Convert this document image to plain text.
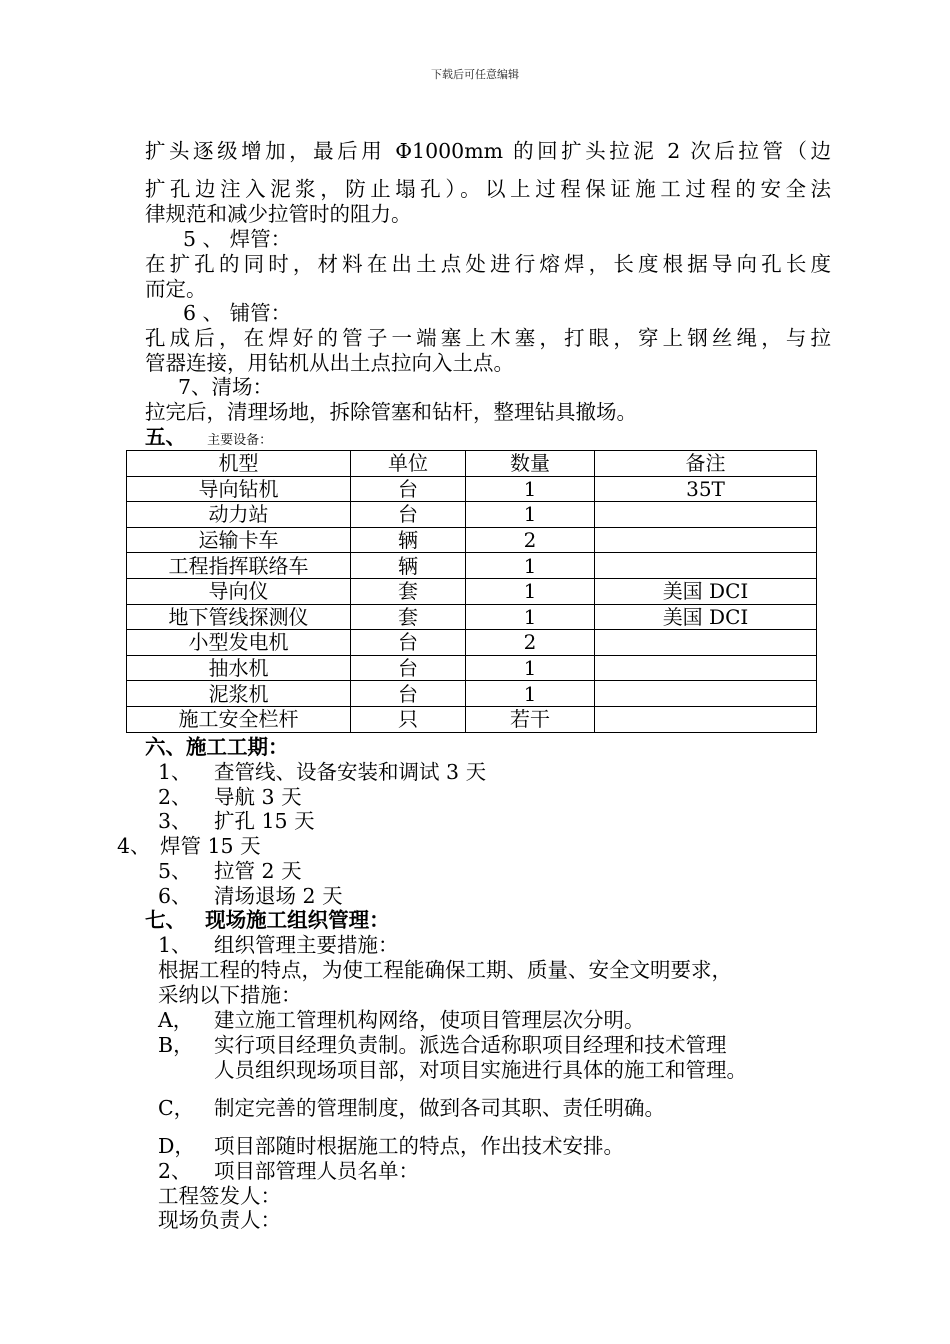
下载后可任意编辑
扩头逐级增加，最后用 Φ1000mm 的回扩头拉泥 2 次后拉管（边
扩孔边注入泥浆，防止塌孔）。以上过程保证施工过程的安全法
律规范和减少拉管时的阻力。
5 、 焊管：
在扩孔的同时，材料在出土点处进行熔焊，长度根据导向孔长度
而定。
6 、 铺管：
孔成后，在焊好的管子一端塞上木塞，打眼，穿上钢丝绳，与拉
管器连接，用钻机从出土点拉向入土点。
7、清场：
拉完后，清理场地，拆除管塞和钻杆，整理钻具撤场。
五、 主要设备：
机型	单位	数量	备注
导向钻机	台	1	35T
动力站	台	1	
运输卡车	辆	2	
工程指挥联络车	辆	1	
导向仪	套	1	美国 DCI
地下管线探测仪	套	1	美国 DCI
小型发电机	台	2	
抽水机	台	1	
泥浆机	台	1	
施工安全栏杆	只	若干	
六、施工工期：
1、 查管线、设备安装和调试 3 天
2、 导航 3 天
3、 扩孔 15 天
4、 焊管 15 天
5、 拉管 2 天
6、 清场退场 2 天
七、 现场施工组织管理：
1、 组织管理主要措施：
根据工程的特点，为使工程能确保工期、质量、安全文明要求，
采纳以下措施：
A， 建立施工管理机构网络，使项目管理层次分明。
B， 实行项目经理负责制。派选合适称职项目经理和技术管理
人员组织现场项目部，对项目实施进行具体的施工和管理。
C， 制定完善的管理制度，做到各司其职、责任明确。
D， 项目部随时根据施工的特点，作出技术安排。
2、 项目部管理人员名单：
工程签发人：
现场负责人：
